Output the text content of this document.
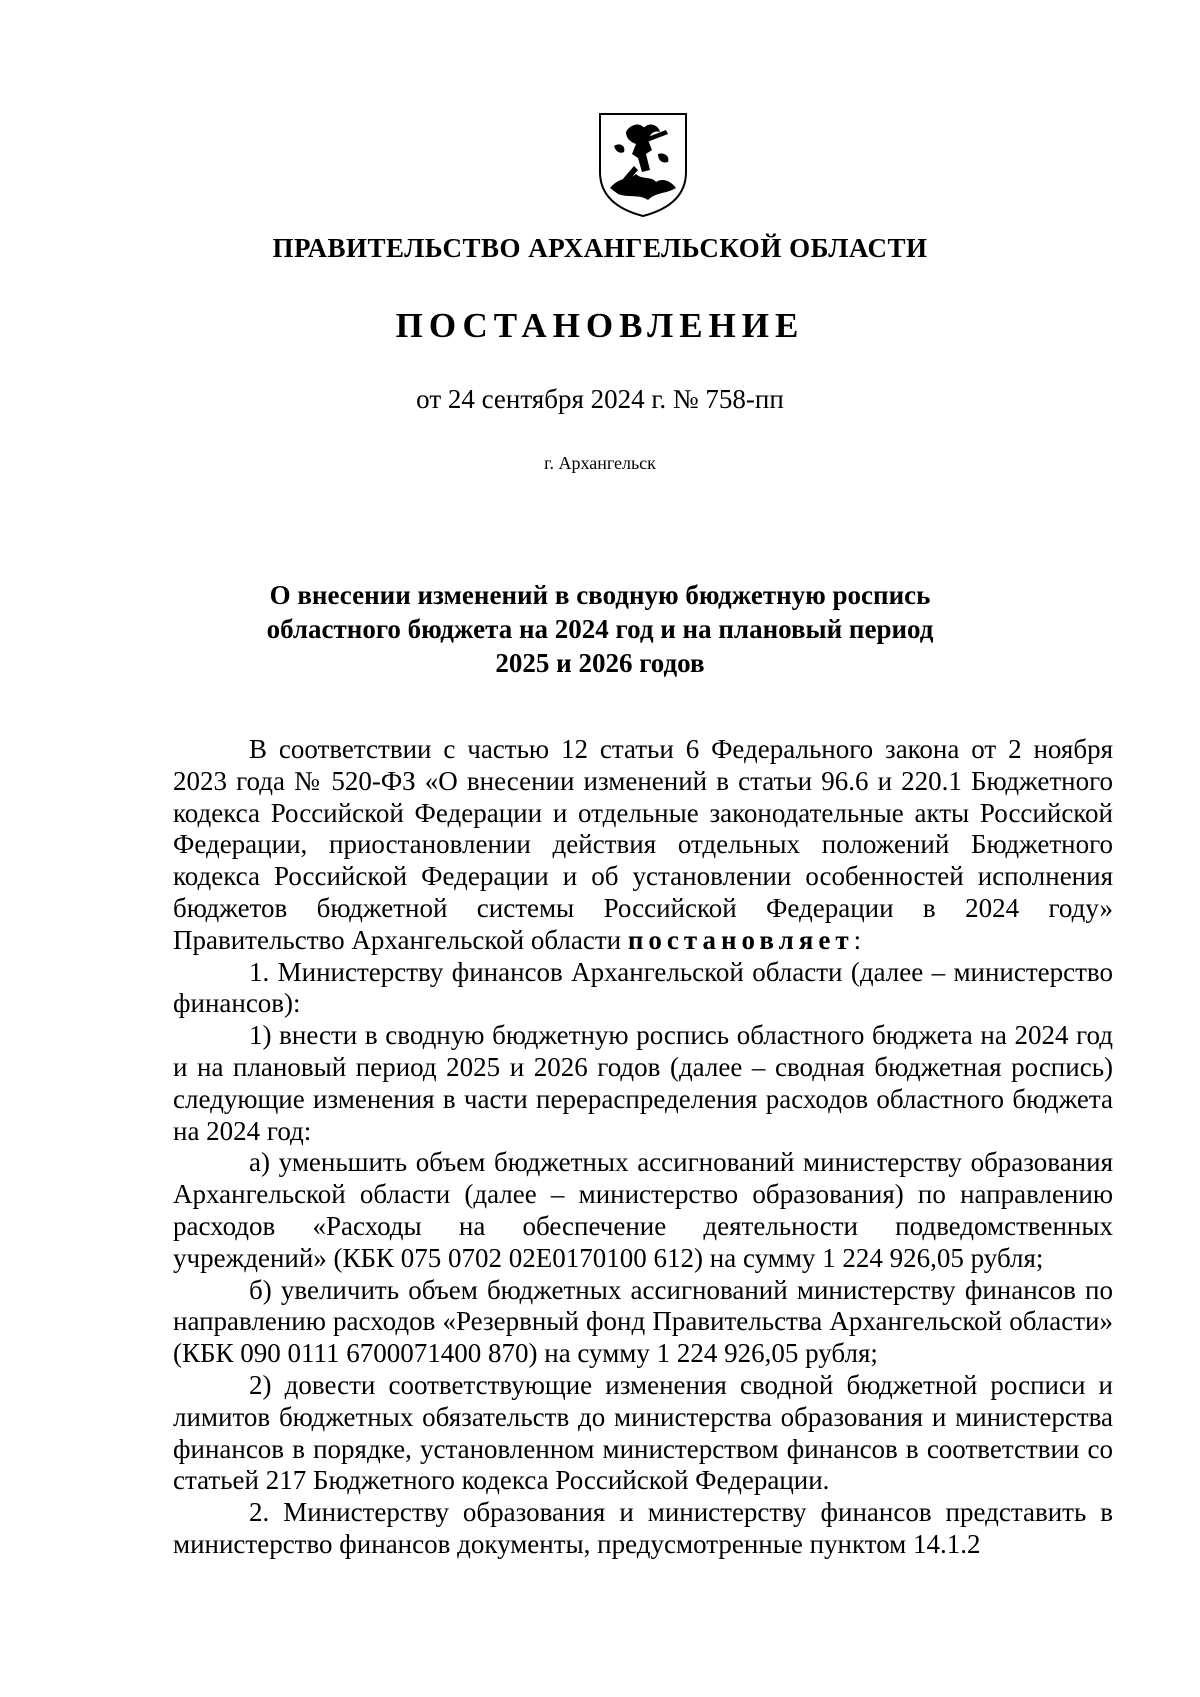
ПРАВИТЕЛЬСТВО АРХАНГЕЛЬСКОЙ ОБЛАСТИ
ПОСТАНОВЛЕНИЕ
от 24 сентября 2024 г. № 758-пп
г. Архангельск
О внесении изменений в сводную бюджетную роспись
областного бюджета на 2024 год и на плановый период
2025 и 2026 годов

В соответствии с частью 12 статьи 6 Федерального закона от 2 ноября 2023 года № 520-ФЗ «О внесении изменений в статьи 96.6 и 220.1 Бюджетного кодекса Российской Федерации и отдельные законодательные акты Российской Федерации, приостановлении действия отдельных положений Бюджетного кодекса Российской Федерации и об установлении особенностей исполнения бюджетов бюджетной системы Российской Федерации в 2024 году» Правительство Архангельской области постановляет:

1. Министерству финансов Архангельской области (далее – министерство финансов):

1) внести в сводную бюджетную роспись областного бюджета на 2024 год и на плановый период 2025 и 2026 годов (далее – сводная бюджетная роспись) следующие изменения в части перераспределения расходов областного бюджета на 2024 год:

а) уменьшить объем бюджетных ассигнований министерству образования Архангельской области (далее – министерство образования) по направлению расходов «Расходы на обеспечение деятельности подведомственных учреждений» (КБК 075 0702 02Е0170100 612) на сумму 1 224 926,05 рубля;

б) увеличить объем бюджетных ассигнований министерству финансов по направлению расходов «Резервный фонд Правительства Архангельской области» (КБК 090 0111 6700071400 870) на сумму 1 224 926,05 рубля;

2) довести соответствующие изменения сводной бюджетной росписи и лимитов бюджетных обязательств до министерства образования и министерства финансов в порядке, установленном министерством финансов в соответствии со статьей 217 Бюджетного кодекса Российской Федерации.

2. Министерству образования и министерству финансов представить в министерство финансов документы, предусмотренные пунктом 14.1.2
